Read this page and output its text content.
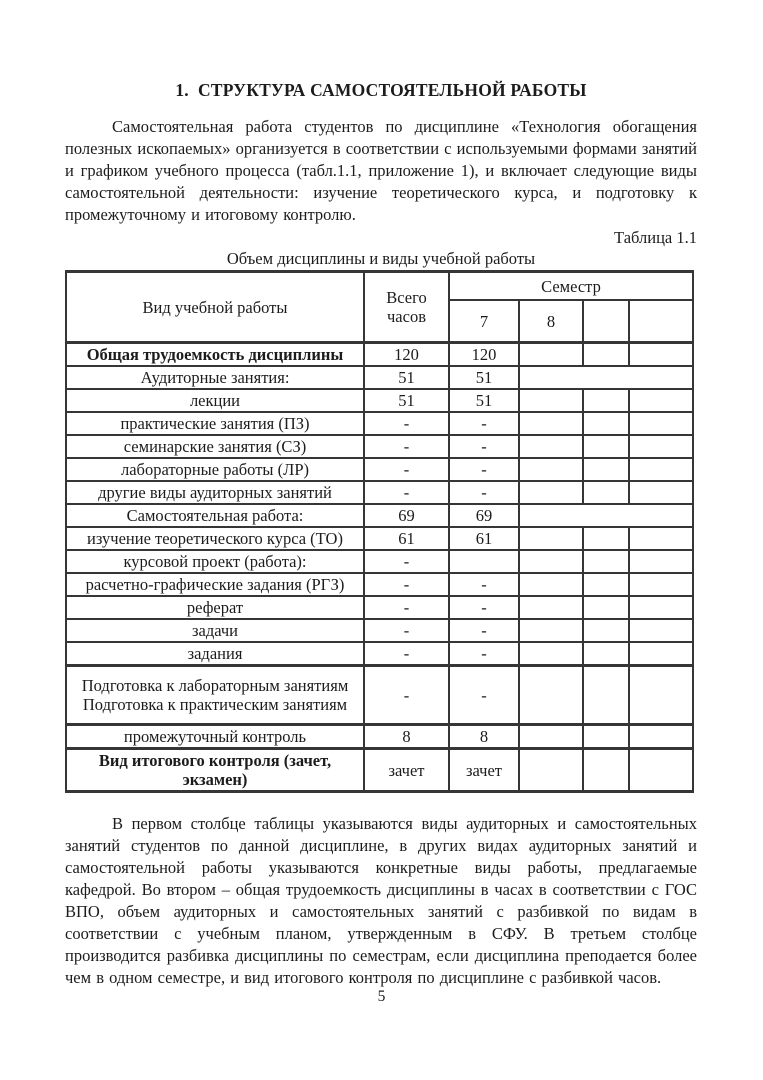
1.  СТРУКТУРА САМОСТОЯТЕЛЬНОЙ РАБОТЫ

Самостоятельная работа студентов по дисциплине «Технология обогащения полезных ископаемых» организуется в соответствии с используемыми формами занятий и графиком учебного процесса (табл.1.1, приложение 1), и включает следующие виды самостоятельной деятельности: изучение теоретического курса, и подготовку к промежуточному и итоговому контролю.

Таблица 1.1
Объем дисциплины и виды учебной работы
Вид учебной работы	Всего часов	Семестр			
		7	8		
Общая трудоемкость дисциплины	120	120			
Аудиторные занятия:	51	51			
лекции	51	51			
практические занятия (ПЗ)	-	-			
семинарские занятия (СЗ)	-	-			
лабораторные работы (ЛР)	-	-			
другие виды аудиторных занятий	-	-			
Самостоятельная работа:	69	69			
изучение теоретического курса (ТО)	61	61			
курсовой проект (работа):	-				
расчетно-графические задания (РГЗ)	-	-			
реферат	-	-			
задачи	-	-			
задания	-	-			
Подготовка к лабораторным занятиям Подготовка к практическим занятиям	-	-			
промежуточный контроль	8	8			
Вид итогового контроля (зачет, экзамен)	зачет	зачет			

В первом столбце таблицы указываются виды аудиторных и самостоятельных занятий студентов по данной дисциплине, в других видах аудиторных занятий и самостоятельной работы указываются конкретные виды работы, предлагаемые кафедрой. Во втором – общая трудоемкость дисциплины в часах в соответствии с ГОС ВПО, объем аудиторных и самостоятельных занятий с разбивкой по видам в соответствии с учебным планом, утвержденным в СФУ. В третьем столбце производится разбивка дисциплины по семестрам, если дисциплина преподается более чем в одном семестре, и вид итогового контроля по дисциплине с разбивкой часов.

5
